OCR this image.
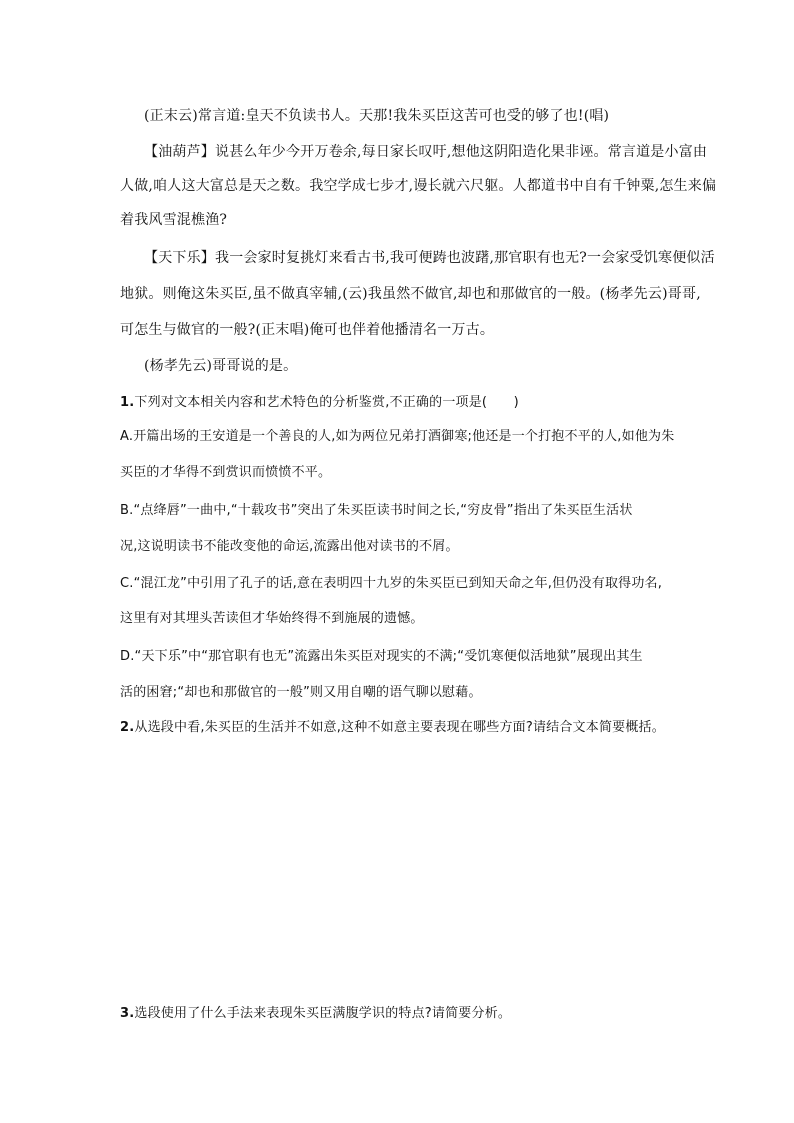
(正末云)常言道:皇天不负读书人。天那!我朱买臣这苦可也受的够了也!(唱)
【油葫芦】说甚么年少今开万卷余,每日家长叹吁,想他这阴阳造化果非诬。常言道是小富由
人做,咱人这大富总是天之数。我空学成七步才,谩长就六尺躯。人都道书中自有千钟粟,怎生来偏
着我风雪混樵渔?
【天下乐】我一会家时复挑灯来看古书,我可便踌也波躇,那官职有也无?一会家受饥寒便似活
地狱。则俺这朱买臣,虽不做真宰辅,(云)我虽然不做官,却也和那做官的一般。(杨孝先云)哥哥,
可怎生与做官的一般?(正末唱)俺可也伴着他播清名一万古。
(杨孝先云)哥哥说的是。
1.下列对文本相关内容和艺术特色的分析鉴赏,不正确的一项是(　　)
A.开篇出场的王安道是一个善良的人,如为两位兄弟打酒御寒;他还是一个打抱不平的人,如他为朱
买臣的才华得不到赏识而愤愤不平。
B.“点绛唇”一曲中,“十载攻书”突出了朱买臣读书时间之长,“穷皮骨”指出了朱买臣生活状
况,这说明读书不能改变他的命运,流露出他对读书的不屑。
C.“混江龙”中引用了孔子的话,意在表明四十九岁的朱买臣已到知天命之年,但仍没有取得功名,
这里有对其埋头苦读但才华始终得不到施展的遗憾。
D.“天下乐”中“那官职有也无”流露出朱买臣对现实的不满;“受饥寒便似活地狱”展现出其生
活的困窘;“却也和那做官的一般”则又用自嘲的语气聊以慰藉。
2.从选段中看,朱买臣的生活并不如意,这种不如意主要表现在哪些方面?请结合文本简要概括。
3.选段使用了什么手法来表现朱买臣满腹学识的特点?请简要分析。
